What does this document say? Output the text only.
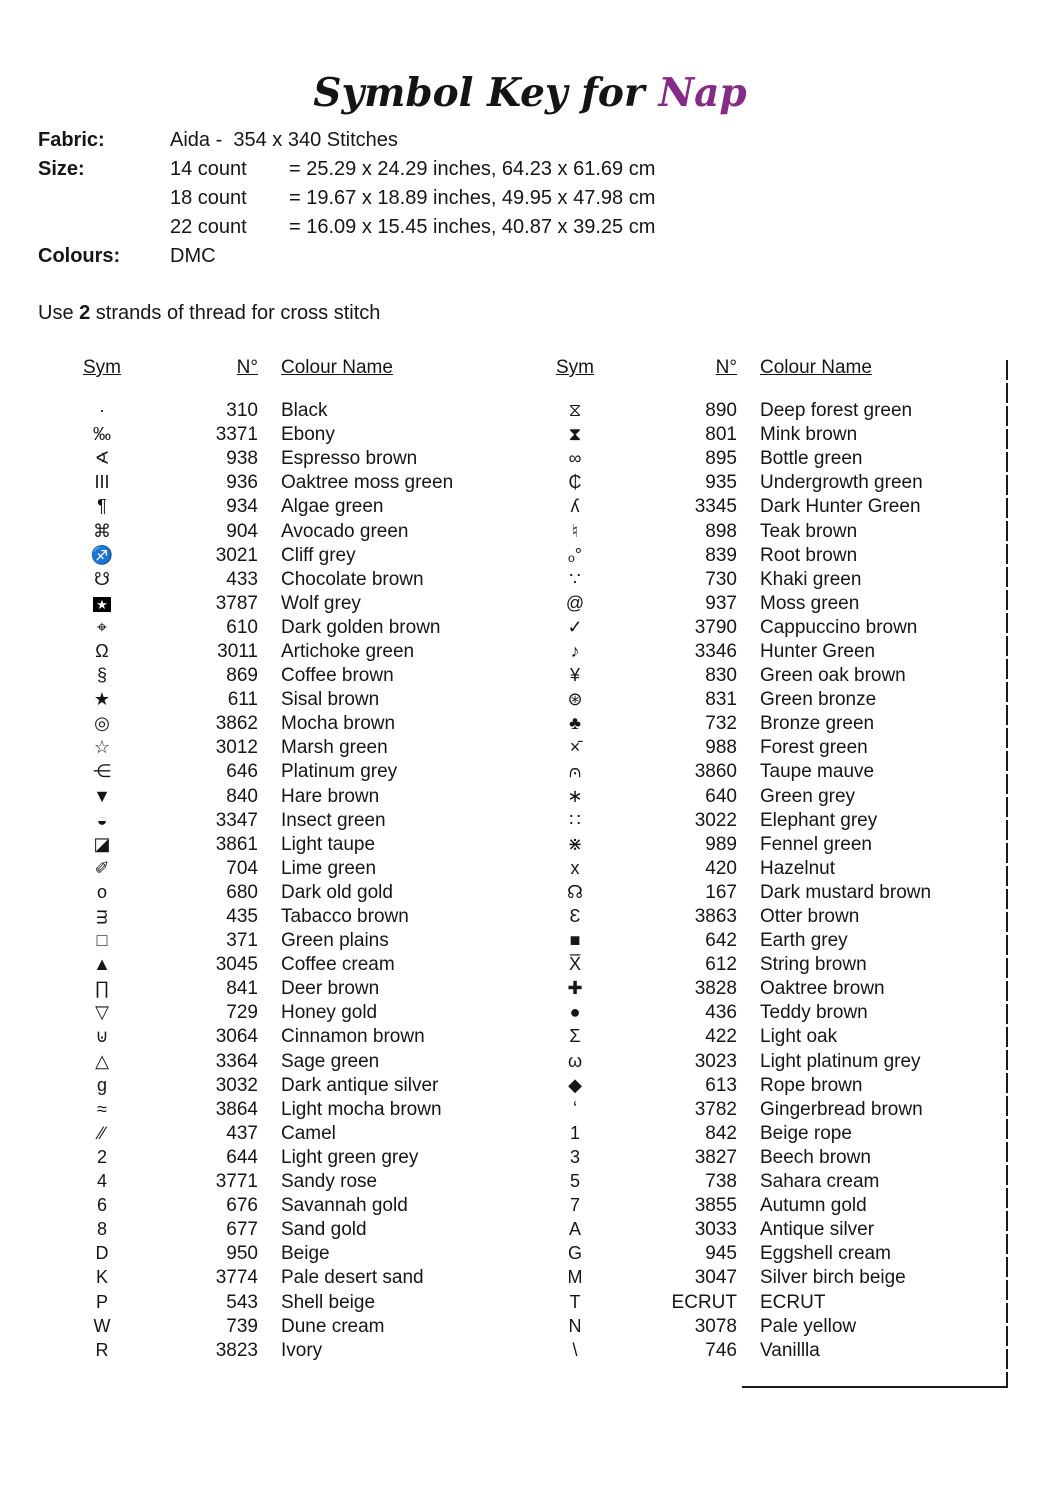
Symbol Key for Nap
Fabric:	Aida -  354 x 340 Stitches
Size:	14 count = 25.29 x 24.29 inches, 64.23 x 61.69 cm
18 count = 19.67 x 18.89 inches, 49.95 x 47.98 cm
22 count = 16.09 x 15.45 inches, 40.87 x 39.25 cm
Colours:	DMC
Use 2 strands of thread for cross stitch
Sym	N° Colour Name
·	310 Black
‰	3371 Ebony
∢	938 Espresso brown
III	936 Oaktree moss green
¶	934 Algae green
⌘	904 Avocado green
♐	3021 Cliff grey
☋	433 Chocolate brown
★	3787 Wolf grey
⌖	610 Dark golden brown
Ω	3011 Artichoke green
§	869 Coffee brown
★	611 Sisal brown
◎	3862 Mocha brown
☆	3012 Marsh green
⋲	646 Platinum grey
▼	840 Hare brown
◒	3347 Insect green
◪	3861 Light taupe
✐	704 Lime green
o	680 Dark old gold
ᴟ	435 Tabacco brown
□	371 Green plains
▲	3045 Coffee cream
∏	841 Deer brown
▽	729 Honey gold
⊍	3064 Cinnamon brown
△	3364 Sage green
g	3032 Dark antique silver
≈	3864 Light mocha brown
∕∕	437 Camel
2	644 Light green grey
4	3771 Sandy rose
6	676 Savannah gold
8	677 Sand gold
D	950 Beige
K	3774 Pale desert sand
P	543 Shell beige
W	739 Dune cream
R	3823 Ivory
Sym	N° Colour Name
⧖	890 Deep forest green
⧗	801 Mink brown
∞	895 Bottle green
₵	935 Undergrowth green
ʎ	3345 Dark Hunter Green
♮	898 Teak brown
ₒ°	839 Root brown
∵	730 Khaki green
@	937 Moss green
✓	3790 Cappuccino brown
♪	3346 Hunter Green
¥	830 Green oak brown
⊛	831 Green bronze
♣	732 Bronze green
×̄	988 Forest green
⩀	3860 Taupe mauve
∗	640 Green grey
∷	3022 Elephant grey
⋇	989 Fennel green
x	420 Hazelnut
☊	167 Dark mustard brown
Ɛ	3863 Otter brown
■	642 Earth grey
X̅	612 String brown
✚	3828 Oaktree brown
●	436 Teddy brown
Σ	422 Light oak
ω	3023 Light platinum grey
◆	613 Rope brown
ʻ	3782 Gingerbread brown
1	842 Beige rope
3	3827 Beech brown
5	738 Sahara cream
7	3855 Autumn gold
A	3033 Antique silver
G	945 Eggshell cream
M	3047 Silver birch beige
T	ECRUT ECRUT
N	3078 Pale yellow
\	746 Vanillla
